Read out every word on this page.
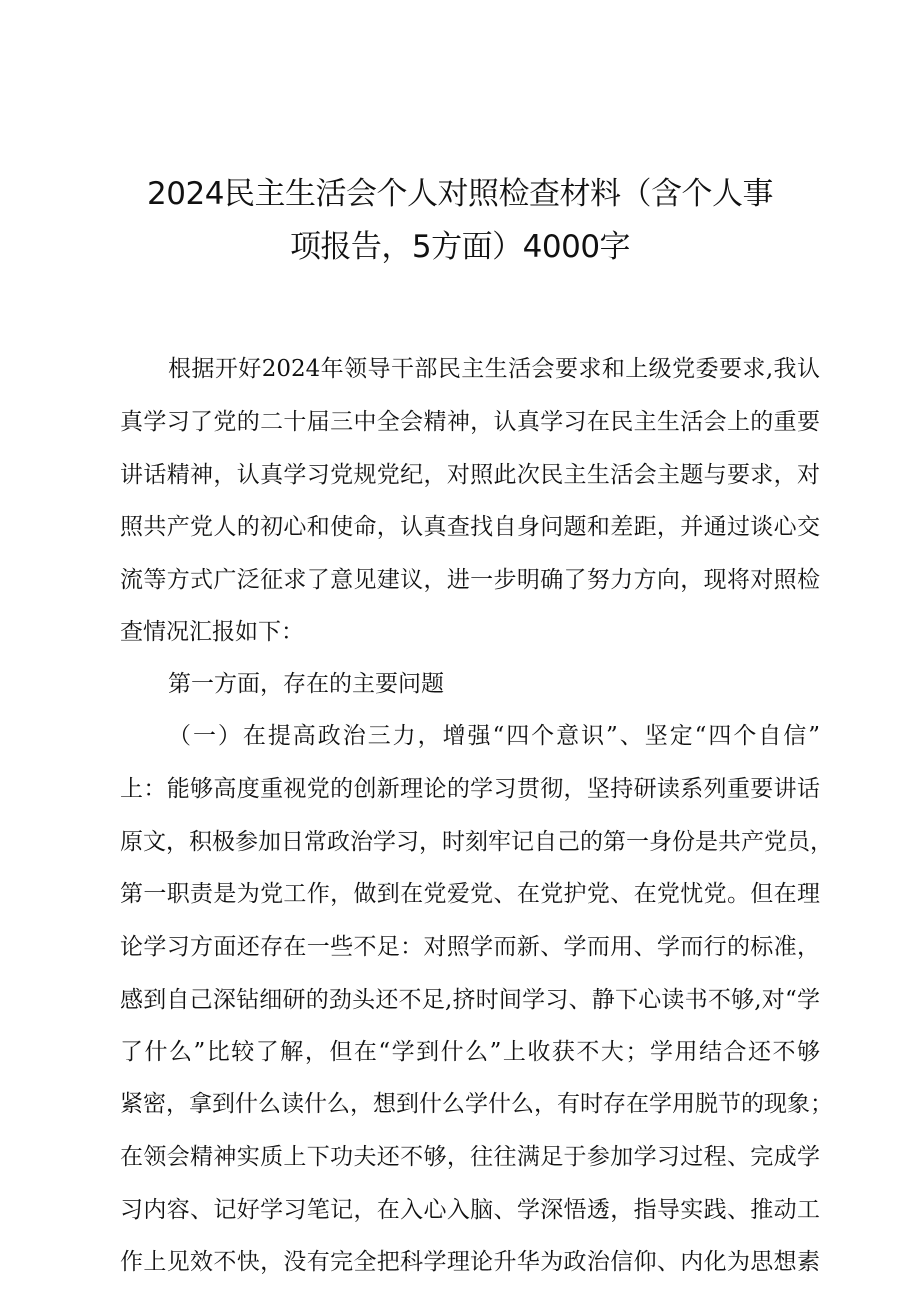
2024民主生活会个人对照检查材料（含个人事
项报告，5方面）4000字
根据开好2024年领导干部民主生活会要求和上级党委要求,我认
真学习了党的二十届三中全会精神，认真学习在民主生活会上的重要
讲话精神，认真学习党规党纪，对照此次民主生活会主题与要求，对
照共产党人的初心和使命，认真查找自身问题和差距，并通过谈心交
流等方式广泛征求了意见建议，进一步明确了努力方向，现将对照检
查情况汇报如下：
第一方面，存在的主要问题
（一）在提高政治三力，增强“四个意识”、坚定“四个自信”
上：能够高度重视党的创新理论的学习贯彻，坚持研读系列重要讲话
原文，积极参加日常政治学习，时刻牢记自己的第一身份是共产党员，
第一职责是为党工作，做到在党爱党、在党护党、在党忧党。但在理
论学习方面还存在一些不足：对照学而新、学而用、学而行的标准，
感到自己深钻细研的劲头还不足,挤时间学习、静下心读书不够,对“学
了什么”比较了解，但在“学到什么”上收获不大；学用结合还不够
紧密，拿到什么读什么，想到什么学什么，有时存在学用脱节的现象；
在领会精神实质上下功夫还不够，往往满足于参加学习过程、完成学
习内容、记好学习笔记，在入心入脑、学深悟透，指导实践、推动工
作上见效不快，没有完全把科学理论升华为政治信仰、内化为思想素
